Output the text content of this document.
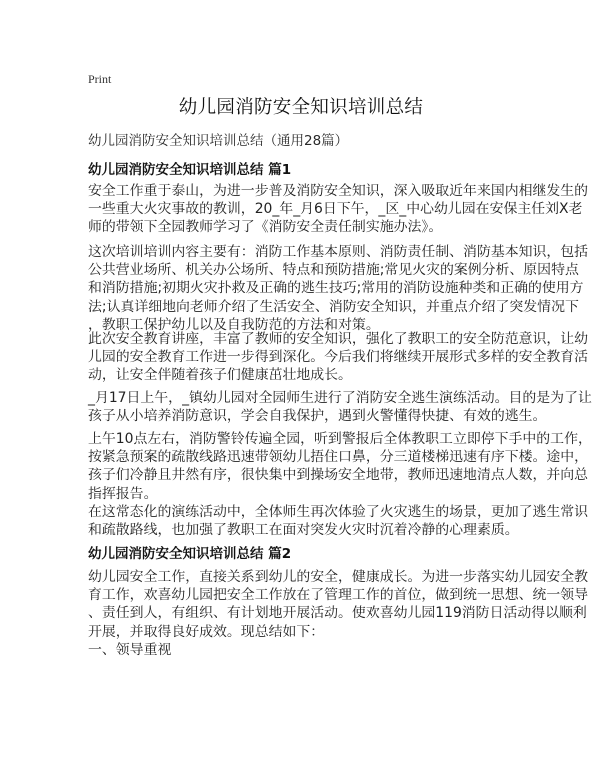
Print
幼儿园消防安全知识培训总结
幼儿园消防安全知识培训总结（通用28篇）
幼儿园消防安全知识培训总结 篇1
安全工作重于泰山，为进一步普及消防安全知识，深入吸取近年来国内相继发生的
一些重大火灾事故的教训，20_年_月6日下午，_区_中心幼儿园在安保主任刘X老
师的带领下全园教师学习了《消防安全责任制实施办法》。
这次培训培训内容主要有：消防工作基本原则、消防责任制、消防基本知识，包括
公共营业场所、机关办公场所、特点和预防措施;常见火灾的案例分析、原因特点
和消防措施;初期火灾扑救及正确的逃生技巧;常用的消防设施种类和正确的使用方
法;认真详细地向老师介绍了生活安全、消防安全知识，并重点介绍了突发情况下
，教职工保护幼儿以及自我防范的方法和对策。
此次安全教育讲座，丰富了教师的安全知识，强化了教职工的安全防范意识，让幼
儿园的安全教育工作进一步得到深化。今后我们将继续开展形式多样的安全教育活
动，让安全伴随着孩子们健康茁壮地成长。
_月17日上午，_镇幼儿园对全园师生进行了消防安全逃生演练活动。目的是为了让
孩子从小培养消防意识，学会自我保护，遇到火警懂得快捷、有效的逃生。
上午10点左右，消防警铃传遍全园，听到警报后全体教职工立即停下手中的工作，
按紧急预案的疏散线路迅速带领幼儿捂住口鼻，分三道楼梯迅速有序下楼。途中，
孩子们冷静且井然有序，很快集中到操场安全地带，教师迅速地清点人数，并向总
指挥报告。
在这常态化的演练活动中，全体师生再次体验了火灾逃生的场景，更加了逃生常识
和疏散路线，也加强了教职工在面对突发火灾时沉着冷静的心理素质。
幼儿园消防安全知识培训总结 篇2
幼儿园安全工作，直接关系到幼儿的安全，健康成长。为进一步落实幼儿园安全教
育工作，欢喜幼儿园把安全工作放在了管理工作的首位，做到统一思想、统一领导
、责任到人，有组织、有计划地开展活动。使欢喜幼儿园119消防日活动得以顺利
开展，并取得良好成效。现总结如下：
一、领导重视
